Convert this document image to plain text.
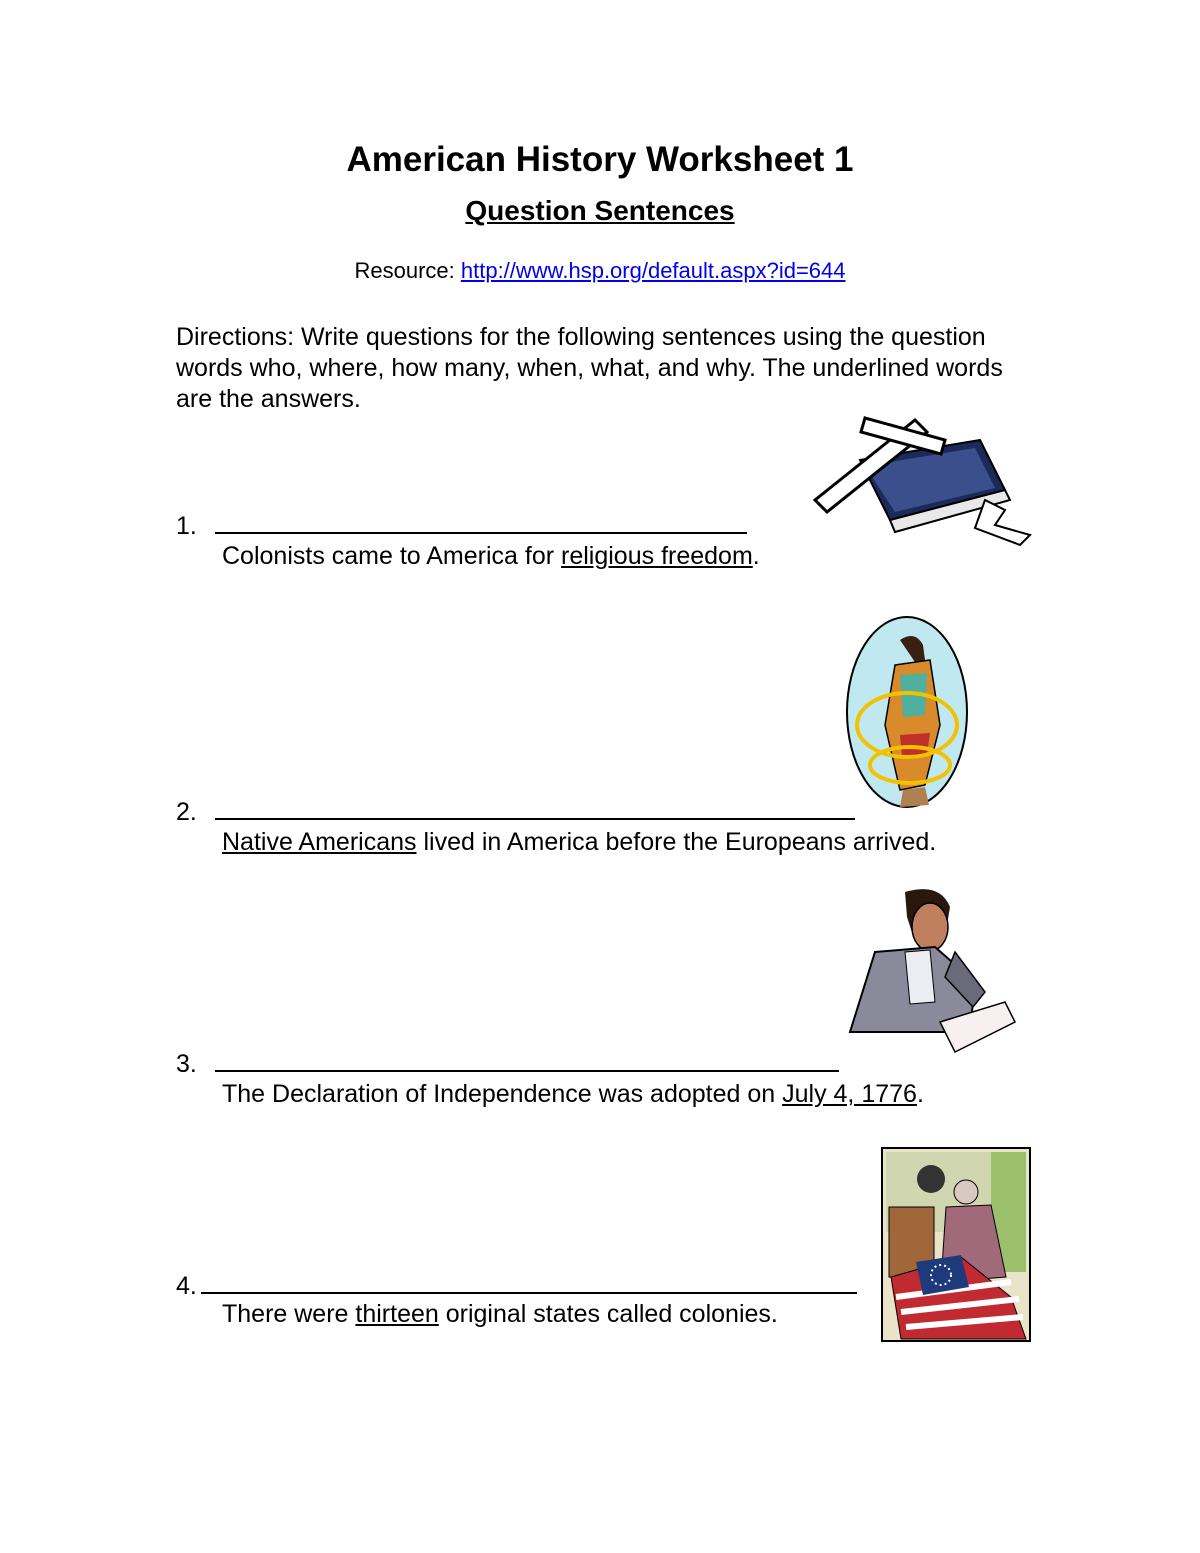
American History Worksheet 1
Question Sentences
Resource: http://www.hsp.org/default.aspx?id=644
Directions: Write questions for the following sentences using the question words who, where, how many, when, what, and why. The underlined words are the answers.
1.
Colonists came to America for religious freedom.
2.
Native Americans lived in America before the Europeans arrived.
3.
The Declaration of Independence was adopted on July 4, 1776.
4.
There were thirteen original states called colonies.
